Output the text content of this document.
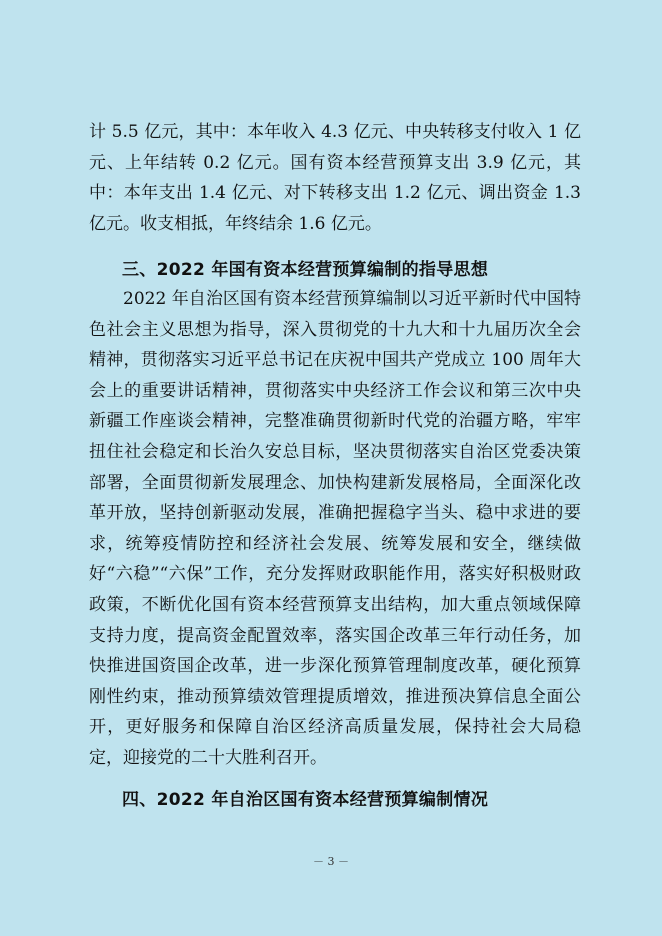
计 5.5 亿元，其中：本年收入 4.3 亿元、中央转移支付收入 1 亿元、上年结转 0.2 亿元。国有资本经营预算支出 3.9 亿元，其中：本年支出 1.4 亿元、对下转移支出 1.2 亿元、调出资金 1.3 亿元。收支相抵，年终结余 1.6 亿元。

三、2022 年国有资本经营预算编制的指导思想

2022 年自治区国有资本经营预算编制以习近平新时代中国特色社会主义思想为指导，深入贯彻党的十九大和十九届历次全会精神，贯彻落实习近平总书记在庆祝中国共产党成立 100 周年大会上的重要讲话精神，贯彻落实中央经济工作会议和第三次中央新疆工作座谈会精神，完整准确贯彻新时代党的治疆方略，牢牢扭住社会稳定和长治久安总目标，坚决贯彻落实自治区党委决策部署，全面贯彻新发展理念、加快构建新发展格局，全面深化改革开放，坚持创新驱动发展，准确把握稳字当头、稳中求进的要求，统筹疫情防控和经济社会发展、统筹发展和安全，继续做好“六稳”“六保”工作，充分发挥财政职能作用，落实好积极财政政策，不断优化国有资本经营预算支出结构，加大重点领域保障支持力度，提高资金配置效率，落实国企改革三年行动任务，加快推进国资国企改革，进一步深化预算管理制度改革，硬化预算刚性约束，推动预算绩效管理提质增效，推进预决算信息全面公开，更好服务和保障自治区经济高质量发展，保持社会大局稳定，迎接党的二十大胜利召开。

四、2022 年自治区国有资本经营预算编制情况

－ 3 －
